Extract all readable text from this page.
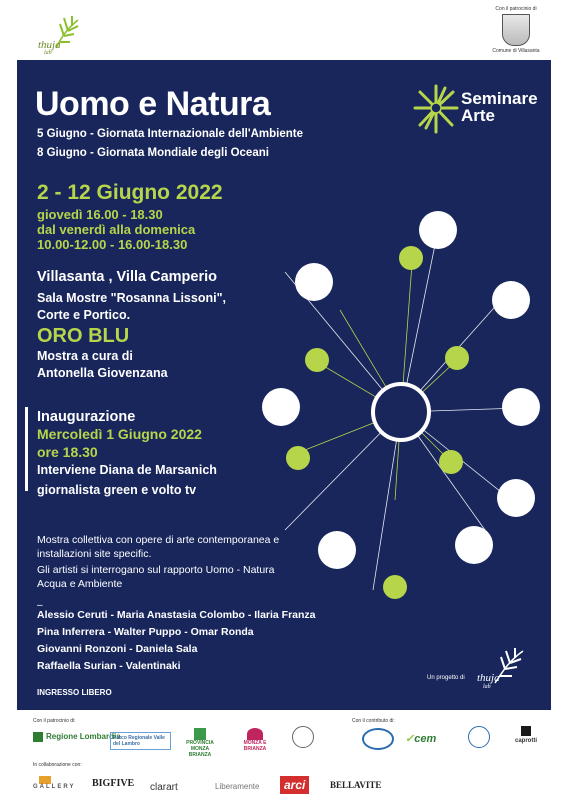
thuja
lab
Con il patrocinio di
Comune di Villasanta
Uomo e Natura
5 Giugno - Giornata Internazionale dell'Ambiente
8 Giugno - Giornata Mondiale degli Oceani
Seminare
Arte
2 - 12 Giugno 2022
giovedì 16.00 - 18.30
dal venerdì alla domenica
10.00-12.00 - 16.00-18.30
Villasanta , Villa Camperio
Sala Mostre "Rosanna Lissoni",
Corte e Portico.
ORO BLU
Mostra a cura di
Antonella Giovenzana
Inaugurazione
Mercoledì 1 Giugno 2022
ore 18.30
Interviene Diana de Marsanich
giornalista green e volto tv
Mostra collettiva con opere di arte contemporanea e
installazioni site specific.
Gli artisti si interrogano sul rapporto Uomo - Natura
Acqua e Ambiente
–
Alessio Ceruti - Maria Anastasia Colombo - Ilaria Franza
Pina Inferrera - Walter Puppo - Omar Ronda
Giovanni Ronzoni - Daniela Sala
Raffaella Surian - Valentinaki
INGRESSO LIBERO
Un progetto di thuja
lab
Con il patrocinio di:	Con il contributo di:
In collaborazione con:
Regione Lombardia
Parco Regionale Valle del Lambro	PROVINCIA MONZA BRIANZA
MONZA E BRIANZA
✓cem	caprotti
GALLERY BIGFIVE clarart	Liberamente	arci	BELLAVITE
